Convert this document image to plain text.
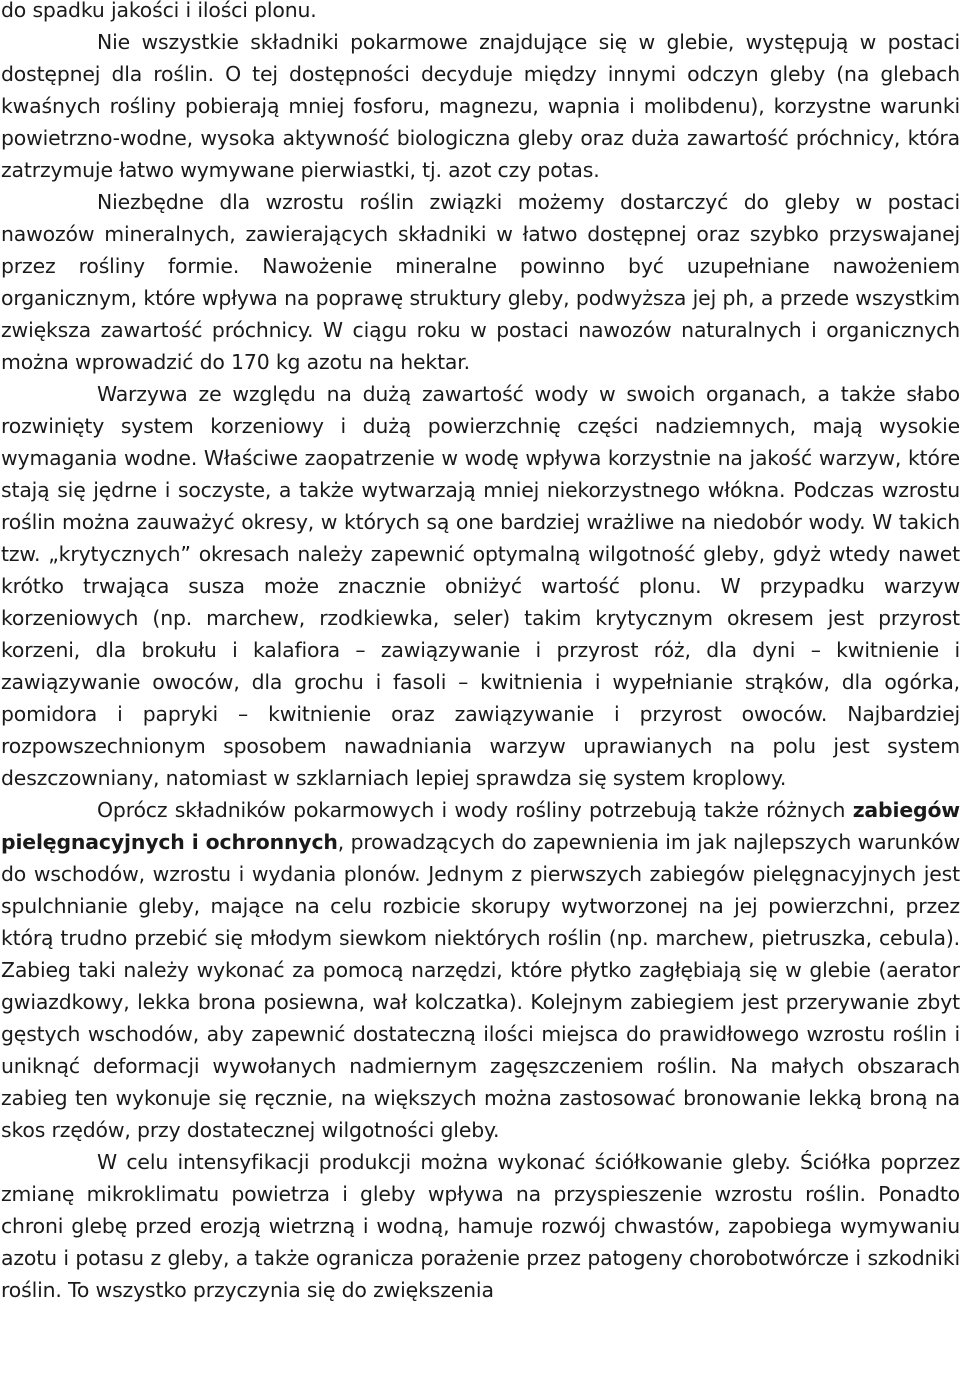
do spadku jakości i ilości plonu.

Nie wszystkie składniki pokarmowe znajdujące się w glebie, występują w postaci dostępnej dla roślin. O tej dostępności decyduje między innymi odczyn gleby (na glebach kwaśnych rośliny pobierają mniej fosforu, magnezu, wapnia i molibdenu), korzystne warunki powietrzno-wodne, wysoka aktywność biologiczna gleby oraz duża zawartość próchnicy, która zatrzymuje łatwo wymywane pierwiastki, tj. azot czy potas.

Niezbędne dla wzrostu roślin związki możemy dostarczyć do gleby w postaci nawozów mineralnych, zawierających składniki w łatwo dostępnej oraz szybko przyswajanej przez rośliny formie. Nawożenie mineralne powinno być uzupełniane nawożeniem organicznym, które wpływa na poprawę struktury gleby, podwyższa jej ph, a przede wszystkim zwiększa zawartość próchnicy. W ciągu roku w postaci nawozów naturalnych i organicznych można wprowadzić do 170 kg azotu na hektar.

Warzywa ze względu na dużą zawartość wody w swoich organach, a także słabo rozwinięty system korzeniowy i dużą powierzchnię części nadziemnych, mają wysokie wymagania wodne. Właściwe zaopatrzenie w wodę wpływa korzystnie na jakość warzyw, które stają się jędrne i soczyste, a także wytwarzają mniej niekorzystnego włókna. Podczas wzrostu roślin można zauważyć okresy, w których są one bardziej wrażliwe na niedobór wody. W takich tzw. „krytycznych” okresach należy zapewnić optymalną wilgotność gleby, gdyż wtedy nawet krótko trwająca susza może znacznie obniżyć wartość plonu. W przypadku warzyw korzeniowych (np. marchew, rzodkiewka, seler) takim krytycznym okresem jest przyrost korzeni, dla brokułu i kalafiora – zawiązywanie i przyrost róż, dla dyni – kwitnienie i zawiązywanie owoców, dla grochu i fasoli – kwitnienia i wypełnianie strąków, dla ogórka, pomidora i papryki – kwitnienie oraz zawiązywanie i przyrost owoców. Najbardziej rozpowszechnionym sposobem nawadniania warzyw uprawianych na polu jest system deszczowniany, natomiast w szklarniach lepiej sprawdza się system kroplowy.

Oprócz składników pokarmowych i wody rośliny potrzebują także różnych zabiegów pielęgnacyjnych i ochronnych, prowadzących do zapewnienia im jak najlepszych warunków do wschodów, wzrostu i wydania plonów. Jednym z pierwszych zabiegów pielęgnacyjnych jest spulchnianie gleby, mające na celu rozbicie skorupy wytworzonej na jej powierzchni, przez którą trudno przebić się młodym siewkom niektórych roślin (np. marchew, pietruszka, cebula). Zabieg taki należy wykonać za pomocą narzędzi, które płytko zagłębiają się w glebie (aerator gwiazdkowy, lekka brona posiewna, wał kolczatka). Kolejnym zabiegiem jest przerywanie zbyt gęstych wschodów, aby zapewnić dostateczną ilości miejsca do prawidłowego wzrostu roślin i uniknąć deformacji wywołanych nadmiernym zagęszczeniem roślin. Na małych obszarach zabieg ten wykonuje się ręcznie, na większych można zastosować bronowanie lekką broną na skos rzędów, przy dostatecznej wilgotności gleby.

W celu intensyfikacji produkcji można wykonać ściółkowanie gleby. Ściółka poprzez zmianę mikroklimatu powietrza i gleby wpływa na przyspieszenie wzrostu roślin. Ponadto chroni glebę przed erozją wietrzną i wodną, hamuje rozwój chwastów, zapobiega wymywaniu azotu i potasu z gleby, a także ogranicza porażenie przez patogeny chorobotwórcze i szkodniki roślin. To wszystko przyczynia się do zwiększenia
